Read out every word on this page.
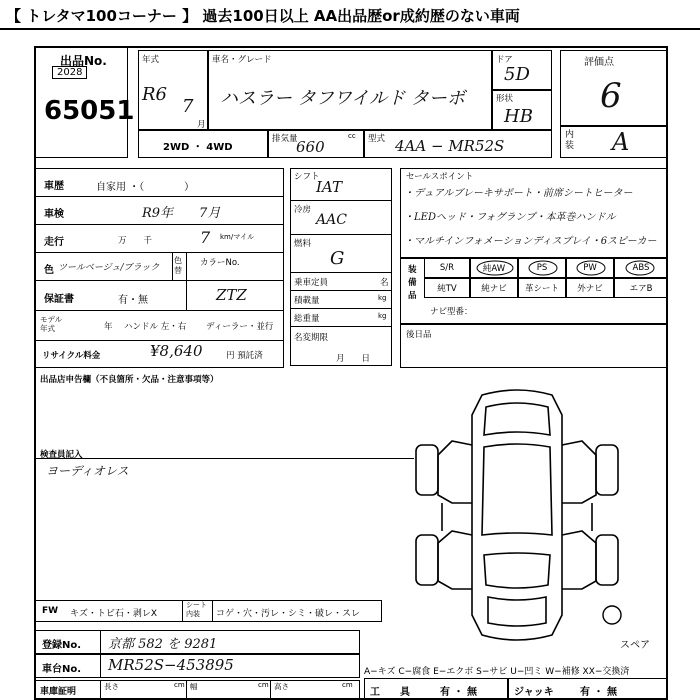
【 トレタマ100コーナー 】 過去100日以上 AA出品歴or成約歴のない車両
出品No.
2028
65051
年式
R6
7
月
車名・グレード
ハスラー タフワイルド ターボ
ドア
5D
形状
HB
評価点
6
内装 A
2WD ・ 4WD
排気量
660
cc 型式 4AA − MR52S
車歴	自家用 ・（　　　　）
車検	R9年　　7月
走行	万　　千	7 km/マイル
色 ツールベージュ/ブラック
色替
カラーNo.
保証書	有・無	ZTZ
モデル年式	年 ハンドル 左・右 ディーラー・並行
リサイクル料金	¥8,640	円 預託済
シフト
IAT
冷房
AAC
燃料
G
乗車定員	名
積載量	kg
総重量	kg
名変期限
月　　日
セールスポイント
・デュアルブレーキサポート・前席シートヒーター
・LEDヘッド・フォグランプ・本革巻ハンドル
・マルチインフォメーションディスプレイ・6スピーカー
装備品
S/R	純AW	PS	PW	ABS
純TV	純ナビ	革シート	外ナビ	エアB
ナビ型番：
後日品
出品店申告欄（不良箇所・欠品・注意事項等）
検査員記入
ヨーディオレス
スペア
FW キズ・トビ石・剥レX
シート内装	コゲ・穴・汚レ・シミ・破レ・スレ
登録No. 京都 582 を 9281
車台No. MR52S−453895
車庫証明
長さ	cm 幅	cm 高さ	cm
A−キズ C−腐食 E−エクボ S−サビ U−凹ミ W−補修 XX−交換済
工　　具	有 ・ 無	ジャッキ	有 ・ 無
